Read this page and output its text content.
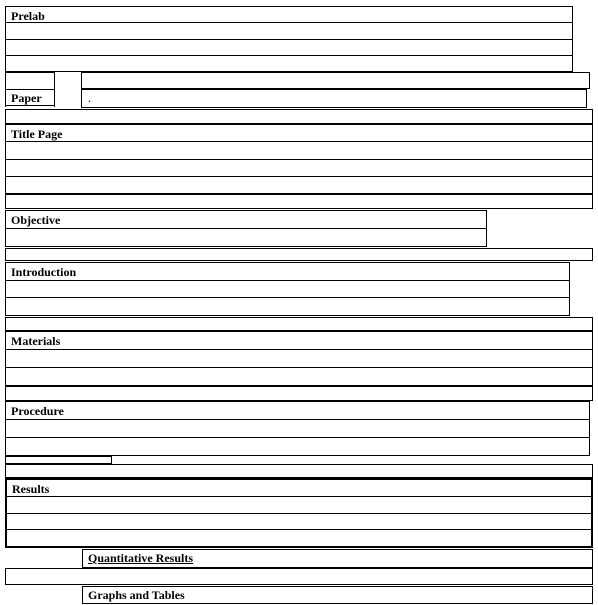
Prelab
Paper	.
Title Page
Objective
Introduction
Materials
Procedure
Results
Quantitative Results
Graphs and Tables
